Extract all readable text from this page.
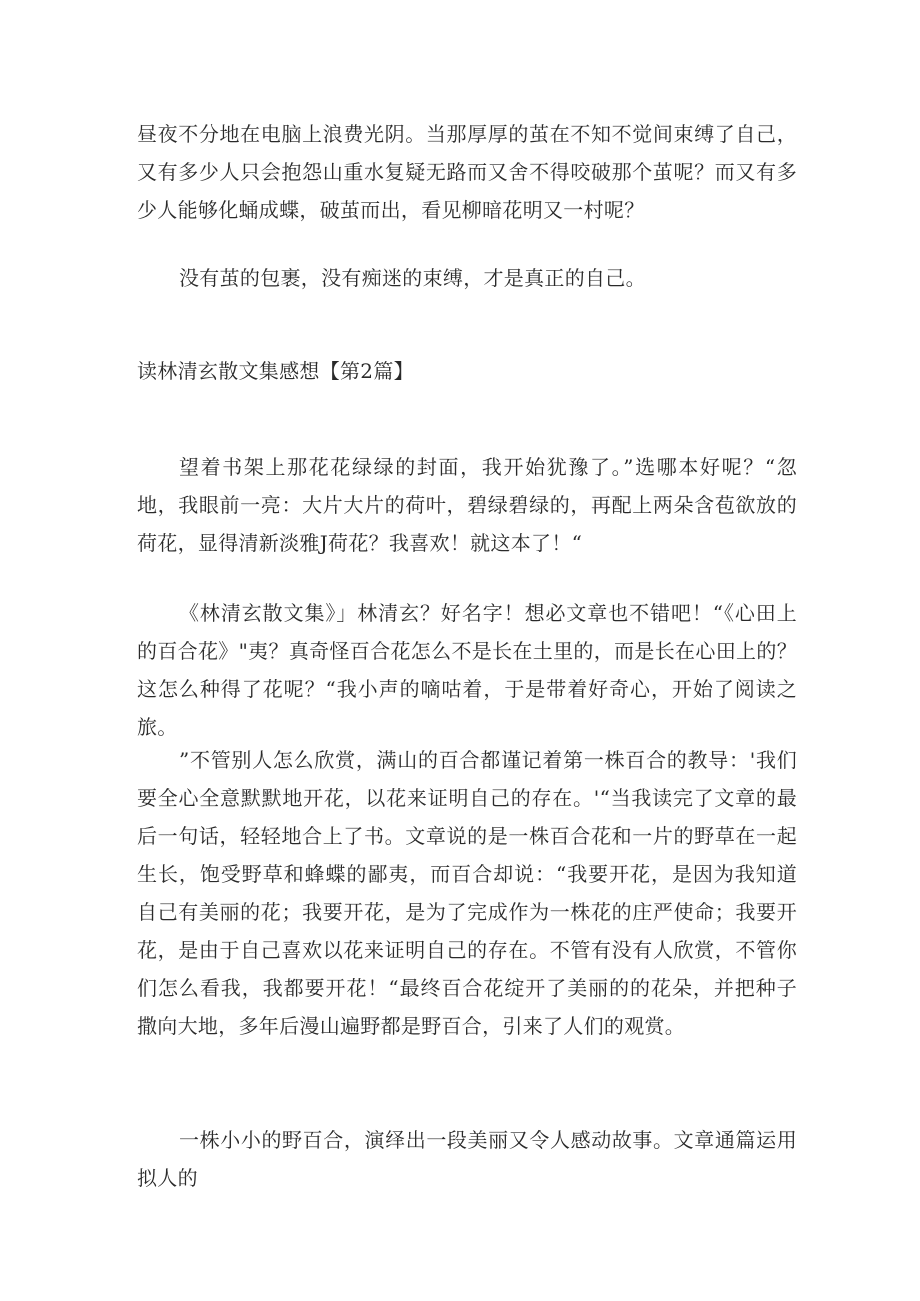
昼夜不分地在电脑上浪费光阴。当那厚厚的茧在不知不觉间束缚了自己，又有多少人只会抱怨山重水复疑无路而又舍不得咬破那个茧呢？而又有多少人能够化蛹成蝶，破茧而出，看见柳暗花明又一村呢？

没有茧的包裹，没有痴迷的束缚，才是真正的自己。

读林清玄散文集感想【第2篇】

望着书架上那花花绿绿的封面，我开始犹豫了。”选哪本好呢？“忽地，我眼前一亮：大片大片的荷叶，碧绿碧绿的，再配上两朵含苞欲放的荷花，显得清新淡雅J荷花？我喜欢！就这本了！“

《林清玄散文集》」林清玄？好名字！想必文章也不错吧！“《心田上的百合花》"夷？真奇怪百合花怎么不是长在土里的，而是长在心田上的？这怎么种得了花呢？“我小声的嘀咕着，于是带着好奇心，开始了阅读之旅。

”不管别人怎么欣赏，满山的百合都谨记着第一株百合的教导：'我们要全心全意默默地开花，以花来证明自己的存在。'“当我读完了文章的最后一句话，轻轻地合上了书。文章说的是一株百合花和一片的野草在一起生长，饱受野草和蜂蝶的鄙夷，而百合却说：“我要开花，是因为我知道自己有美丽的花；我要开花，是为了完成作为一株花的庄严使命；我要开花，是由于自己喜欢以花来证明自己的存在。不管有没有人欣赏，不管你们怎么看我，我都要开花！“最终百合花绽开了美丽的的花朵，并把种子撒向大地，多年后漫山遍野都是野百合，引来了人们的观赏。

一株小小的野百合，演绎出一段美丽又令人感动故事。文章通篇运用拟人的
